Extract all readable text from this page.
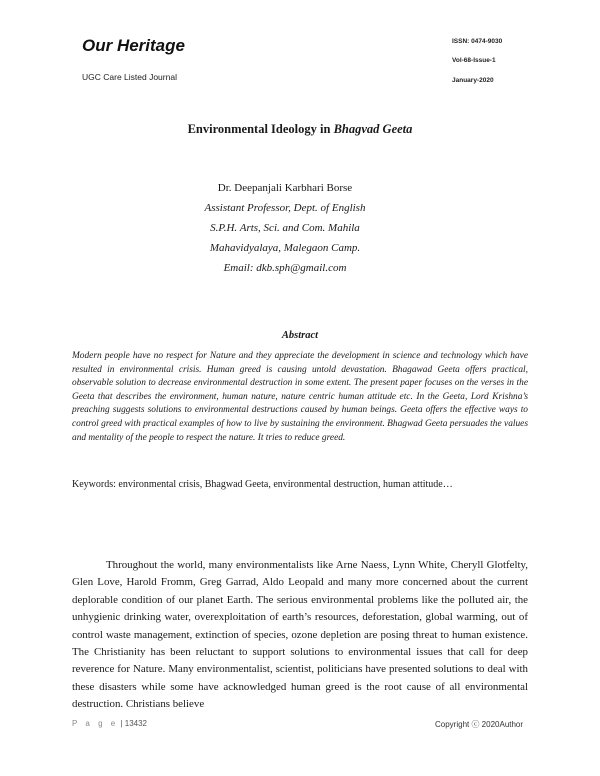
Our Heritage
UGC Care Listed Journal
ISSN: 0474-9030
Vol-68-Issue-1
January-2020
Environmental Ideology in Bhagvad Geeta
Dr. Deepanjali Karbhari Borse
Assistant Professor, Dept. of English
S.P.H. Arts, Sci. and Com. Mahila
Mahavidyalaya, Malegaon Camp.
Email: dkb.sph@gmail.com
Abstract
Modern people have no respect for Nature and they appreciate the development in science and technology which have resulted in environmental crisis. Human greed is causing untold devastation. Bhagawad Geeta offers practical, observable solution to decrease environmental destruction in some extent. The present paper focuses on the verses in the Geeta that describes the environment, human nature, nature centric human attitude etc. In the Geeta, Lord Krishna’s preaching suggests solutions to environmental destructions caused by human beings. Geeta offers the effective ways to control greed with practical examples of how to live by sustaining the environment. Bhagwad Geeta persuades the values and mentality of the people to respect the nature. It tries to reduce greed.
Keywords: environmental crisis, Bhagwad Geeta, environmental destruction, human attitude…
Throughout the world, many environmentalists like Arne Naess, Lynn White, Cheryll Glotfelty, Glen Love, Harold Fromm, Greg Garrad, Aldo Leopald and many more concerned about the current deplorable condition of our planet Earth. The serious environmental problems like the polluted air, the unhygienic drinking water, overexploitation of earth’s resources, deforestation, global warming, out of control waste management, extinction of species, ozone depletion are posing threat to human existence. The Christianity has been reluctant to support solutions to environmental issues that call for deep reverence for Nature. Many environmentalist, scientist, politicians have presented solutions to deal with these disasters while some have acknowledged human greed is the root cause of all environmental destruction. Christians believe
P a g e | 13432	Copyright ⓒ 2020Author
